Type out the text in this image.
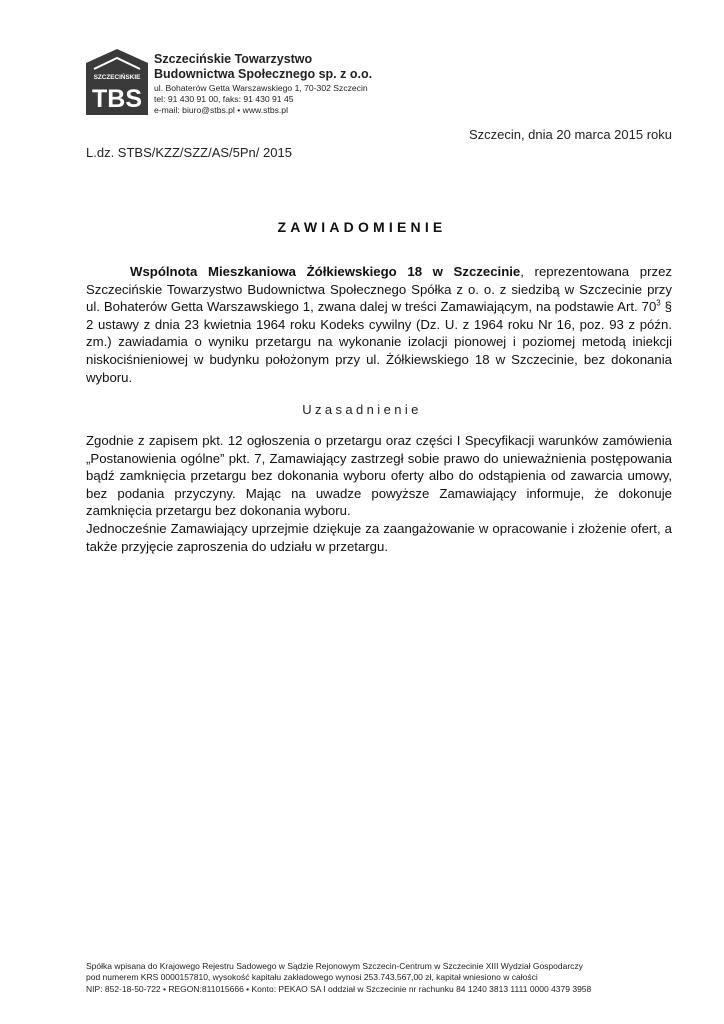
SZCZECIŃSKIE
TBS
Szczecińskie Towarzystwo
Budownictwa Społecznego sp. z o.o.
ul. Bohaterów Getta Warszawskiego 1, 70-302 Szczecin
tel: 91 430 91 00, faks: 91 430 91 45
e-mail: biuro@stbs.pl • www.stbs.pl
Szczecin, dnia 20 marca 2015 roku
L.dz. STBS/KZZ/SZZ/AS/5Pn/ 2015
ZAWIADOMIENIE
Wspólnota Mieszkaniowa Żółkiewskiego 18 w Szczecinie, reprezentowana przez Szczecińskie Towarzystwo Budownictwa Społecznego Spółka z o. o. z siedzibą w Szczecinie przy ul. Bohaterów Getta Warszawskiego 1, zwana dalej w treści Zamawiającym, na podstawie Art. $70^3$ § 2 ustawy z dnia 23 kwietnia 1964 roku Kodeks cywilny (Dz. U. z 1964 roku Nr 16, poz. 93 z późn. zm.) zawiadamia o wyniku przetargu na wykonanie izolacji pionowej i poziomej metodą iniekcji niskociśnieniowej w budynku położonym przy ul. Żółkiewskiego 18 w Szczecinie, bez dokonania wyboru.
Uzasadnienie
Zgodnie z zapisem pkt. 12 ogłoszenia o przetargu oraz części I Specyfikacji warunków zamówienia „Postanowienia ogólne” pkt. 7, Zamawiający zastrzegł sobie prawo do unieważnienia postępowania bądź zamknięcia przetargu bez dokonania wyboru oferty albo do odstąpienia od zawarcia umowy, bez podania przyczyny. Mając na uwadze powyższe Zamawiający informuje, że dokonuje zamknięcia przetargu bez dokonania wyboru.
Jednocześnie Zamawiający uprzejmie dziękuje za zaangażowanie w opracowanie i złożenie ofert, a także przyjęcie zaproszenia do udziału w przetargu.
Spółka wpisana do Krajowego Rejestru Sadowego w Sądzie Rejonowym Szczecin-Centrum w Szczecinie XIII Wydział Gospodarczy
pod numerem KRS 0000157810, wysokość kapitału zakładowego wynosi 253.743.567,00 zł, kapitał wniesiono w całości
NIP: 852-18-50-722 • REGON:811015666 • Konto: PEKAO SA I oddział w Szczecinie nr rachunku 84 1240 3813 1111 0000 4379 3958
